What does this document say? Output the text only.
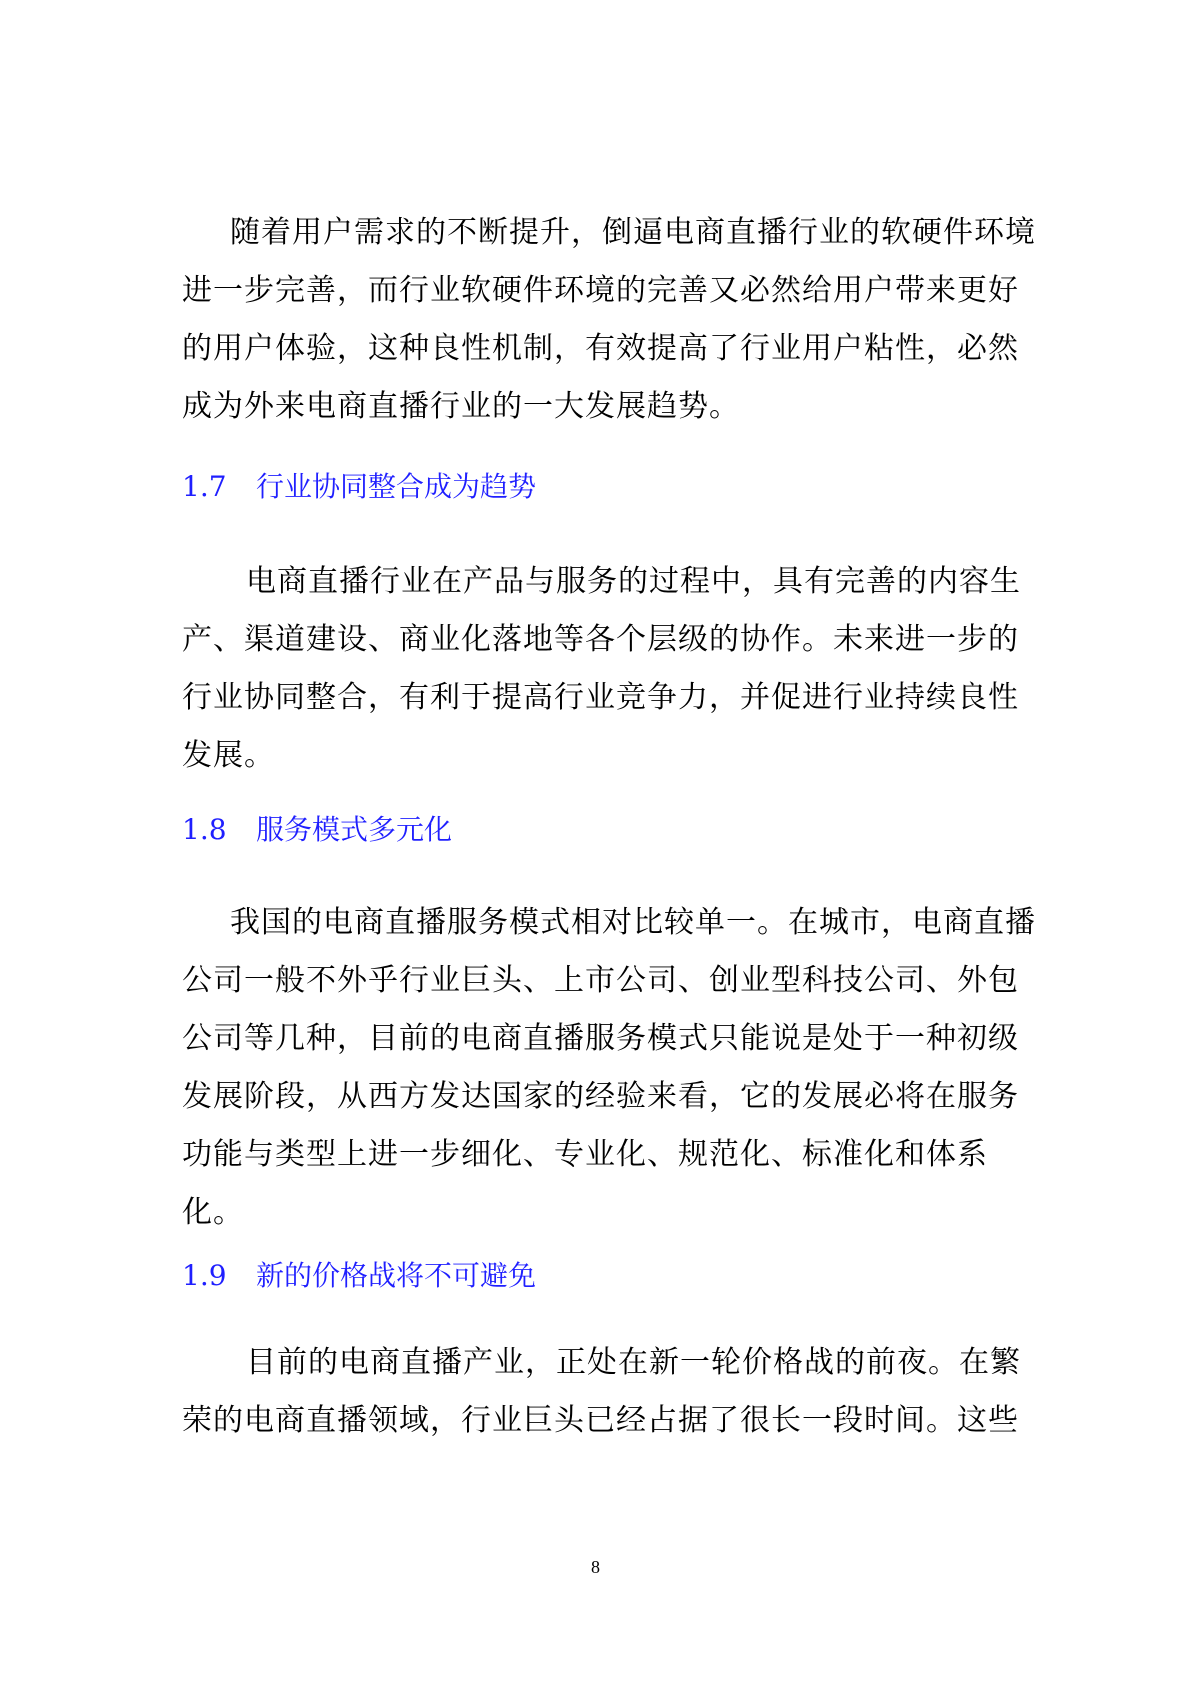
随着用户需求的不断提升，倒逼电商直播行业的软硬件环境
进一步完善，而行业软硬件环境的完善又必然给用户带来更好
的用户体验，这种良性机制，有效提高了行业用户粘性，必然
成为外来电商直播行业的一大发展趋势。
1.7 行业协同整合成为趋势
电商直播行业在产品与服务的过程中，具有完善的内容生
产、渠道建设、商业化落地等各个层级的协作。未来进一步的
行业协同整合，有利于提高行业竞争力，并促进行业持续良性
发展。
1.8 服务模式多元化
我国的电商直播服务模式相对比较单一。在城市，电商直播
公司一般不外乎行业巨头、上市公司、创业型科技公司、外包
公司等几种，目前的电商直播服务模式只能说是处于一种初级
发展阶段，从西方发达国家的经验来看，它的发展必将在服务
功能与类型上进一步细化、专业化、规范化、标准化和体系
化。
1.9 新的价格战将不可避免
目前的电商直播产业，正处在新一轮价格战的前夜。在繁
荣的电商直播领域，行业巨头已经占据了很长一段时间。这些
8
